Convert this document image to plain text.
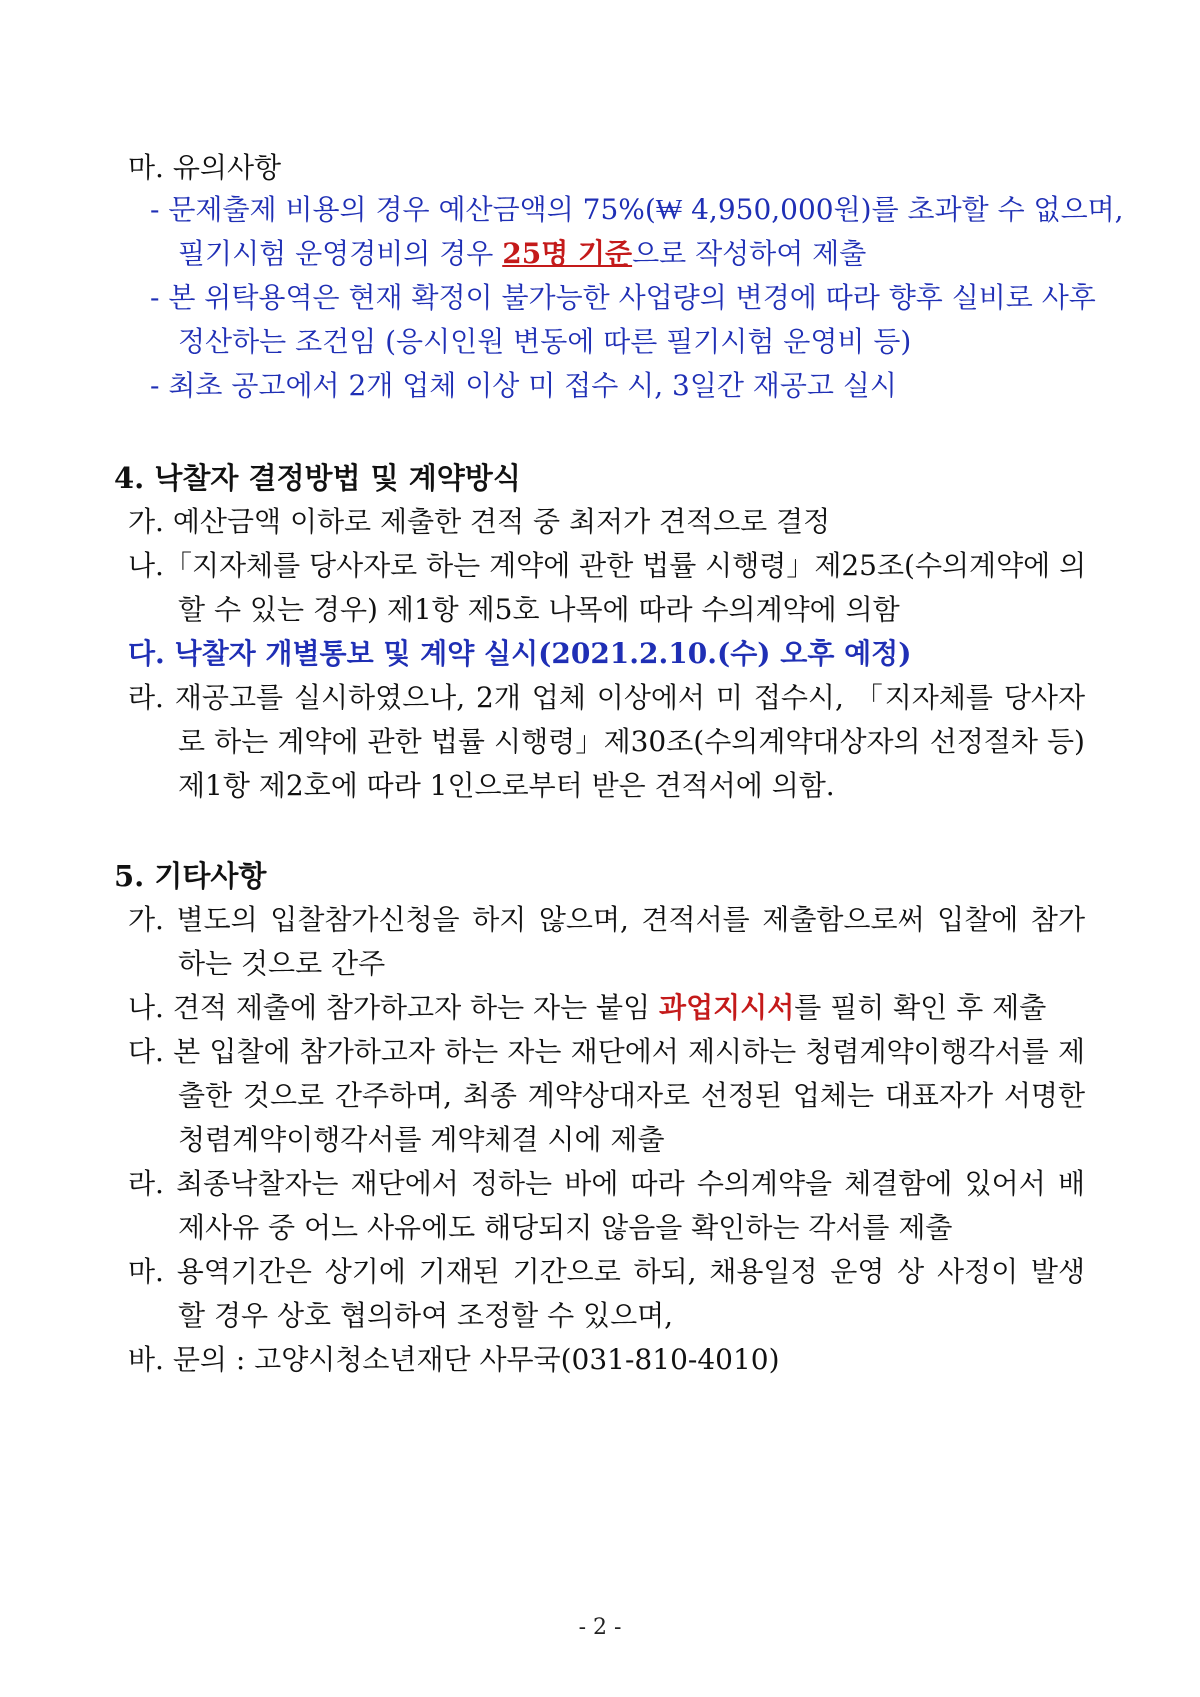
마. 유의사항
- 문제출제 비용의 경우 예산금액의 75%(₩ 4,950,000원)를 초과할 수 없으며,
필기시험 운영경비의 경우 25명 기준으로 작성하여 제출
- 본 위탁용역은 현재 확정이 불가능한 사업량의 변경에 따라 향후 실비로 사후
정산하는 조건임 (응시인원 변동에 따른 필기시험 운영비 등)
- 최초 공고에서 2개 업체 이상 미 접수 시, 3일간 재공고 실시
4. 낙찰자 결정방법 및 계약방식
가. 예산금액 이하로 제출한 견적 중 최저가 견적으로 결정
나.「지자체를 당사자로 하는 계약에 관한 법률 시행령」제25조(수의계약에 의
할 수 있는 경우) 제1항 제5호 나목에 따라 수의계약에 의함
다. 낙찰자 개별통보 및 계약 실시(2021.2.10.(수) 오후 예정)
라. 재공고를 실시하였으나, 2개 업체 이상에서 미 접수시, 「지자체를 당사자
로 하는 계약에 관한 법률 시행령」제30조(수의계약대상자의 선정절차 등)
제1항 제2호에 따라 1인으로부터 받은 견적서에 의함.
5. 기타사항
가. 별도의 입찰참가신청을 하지 않으며, 견적서를 제출함으로써 입찰에 참가
하는 것으로 간주
나. 견적 제출에 참가하고자 하는 자는 붙임 과업지시서를 필히 확인 후 제출
다. 본 입찰에 참가하고자 하는 자는 재단에서 제시하는 청렴계약이행각서를 제
출한 것으로 간주하며, 최종 계약상대자로 선정된 업체는 대표자가 서명한
청렴계약이행각서를 계약체결 시에 제출
라. 최종낙찰자는 재단에서 정하는 바에 따라 수의계약을 체결함에 있어서 배
제사유 중 어느 사유에도 해당되지 않음을 확인하는 각서를 제출
마. 용역기간은 상기에 기재된 기간으로 하되, 채용일정 운영 상 사정이 발생
할 경우 상호 협의하여 조정할 수 있으며,
바. 문의 : 고양시청소년재단 사무국(031-810-4010)
- 2 -
